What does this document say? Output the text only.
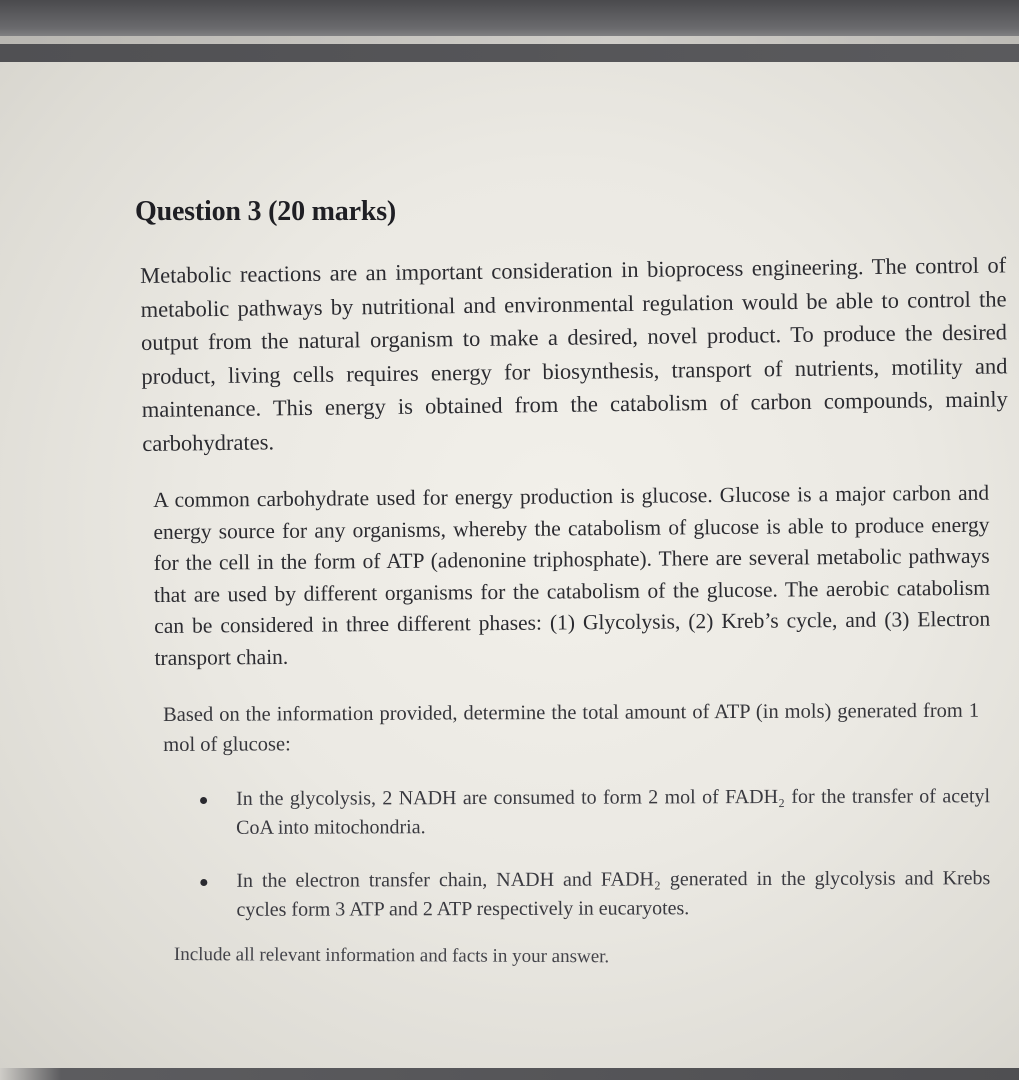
Question 3 (20 marks)

Metabolic reactions are an important consideration in bioprocess engineering. The control of metabolic pathways by nutritional and environmental regulation would be able to control the output from the natural organism to make a desired, novel product. To produce the desired product, living cells requires energy for biosynthesis, transport of nutrients, motility and maintenance. This energy is obtained from the catabolism of carbon compounds, mainly carbohydrates.

A common carbohydrate used for energy production is glucose. Glucose is a major carbon and energy source for any organisms, whereby the catabolism of glucose is able to produce energy for the cell in the form of ATP (adenonine triphosphate). There are several metabolic pathways that are used by different organisms for the catabolism of the glucose. The aerobic catabolism can be considered in three different phases: (1) Glycolysis, (2) Kreb’s cycle, and (3) Electron transport chain.

Based on the information provided, determine the total amount of ATP (in mols) generated from 1 mol of glucose:

In the glycolysis, 2 NADH are consumed to form 2 mol of FADH₂ for the transfer of acetyl CoA into mitochondria.
In the electron transfer chain, NADH and FADH₂ generated in the glycolysis and Krebs cycles form 3 ATP and 2 ATP respectively in eucaryotes.

Include all relevant information and facts in your answer.
